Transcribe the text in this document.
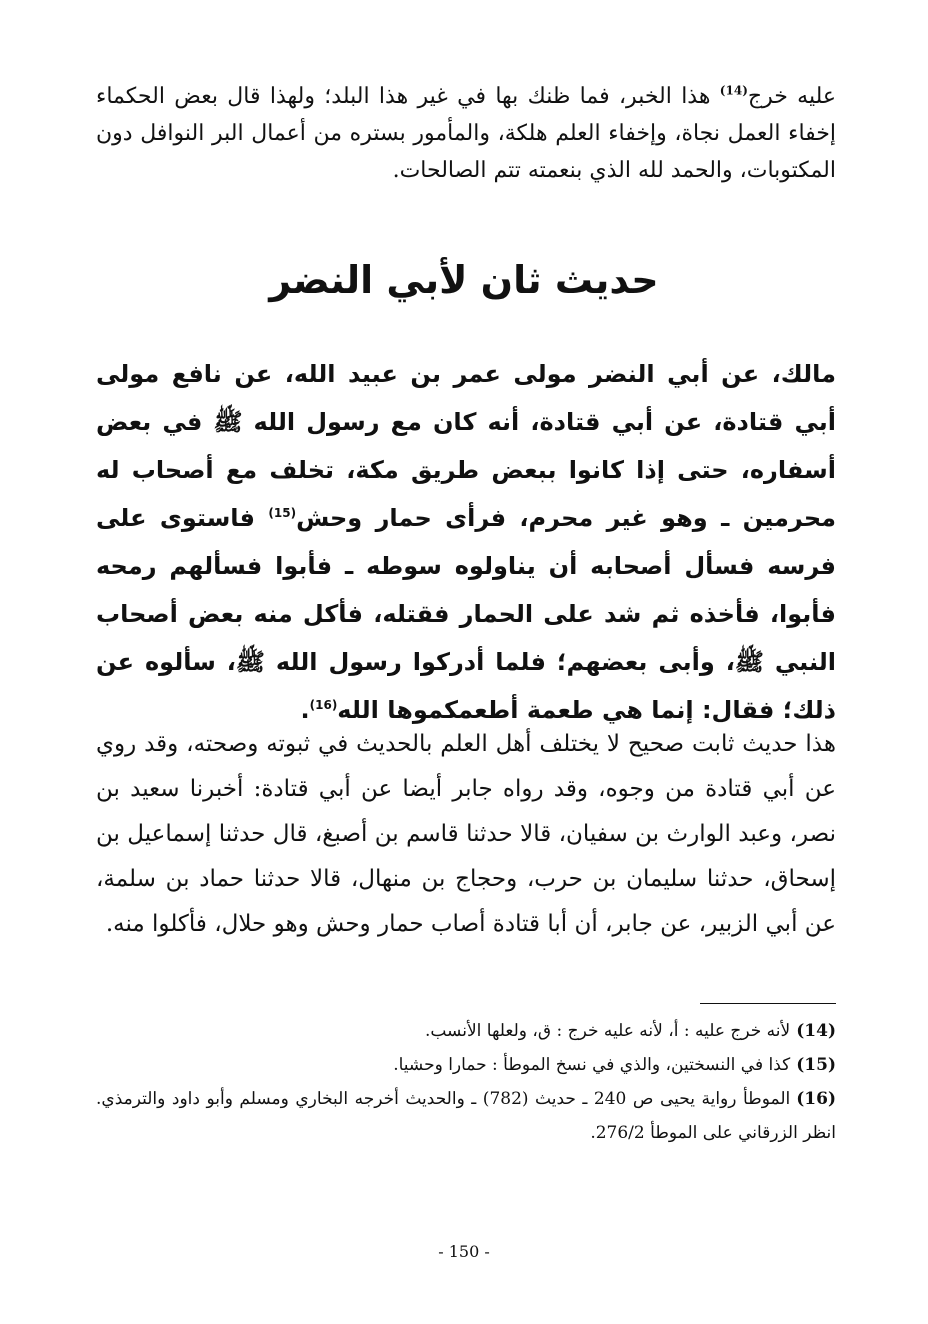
عليه خرج$^{(14)}$ هذا الخبر، فما ظنك بها في غير هذا البلد؛ ولهذا قال بعض الحكماء إخفاء العمل نجاة، وإخفاء العلم هلكة، والمأمور بستره من أعمال البر النوافل دون المكتوبات، والحمد لله الذي بنعمته تتم الصالحات.

حديث ثان لأبي النضر

مالك، عن أبي النضر مولى عمر بن عبيد الله، عن نافع مولى أبي قتادة، عن أبي قتادة، أنه كان مع رسول الله ﷺ في بعض أسفاره، حتى إذا كانوا ببعض طريق مكة، تخلف مع أصحاب له محرمين ـ وهو غير محرم، فرأى حمار وحش$^{(15)}$ فاستوى على فرسه فسأل أصحابه أن يناولوه سوطه ـ فأبوا فسألهم رمحه فأبوا، فأخذه ثم شد على الحمار فقتله، فأكل منه بعض أصحاب النبي ﷺ، وأبى بعضهم؛ فلما أدركوا رسول الله ﷺ، سألوه عن ذلك؛ فقال: إنما هي طعمة أطعمكموها الله$^{(16)}$.

هذا حديث ثابت صحيح لا يختلف أهل العلم بالحديث في ثبوته وصحته، وقد روي عن أبي قتادة من وجوه، وقد رواه جابر أيضا عن أبي قتادة: أخبرنا سعيد بن نصر، وعبد الوارث بن سفيان، قالا حدثنا قاسم بن أصبغ، قال حدثنا إسماعيل بن إسحاق، حدثنا سليمان بن حرب، وحجاج بن منهال، قالا حدثنا حماد بن سلمة، عن أبي الزبير، عن جابر، أن أبا قتادة أصاب حمار وحش وهو حلال، فأكلوا منه.

(14)لأنه خرج عليه : أ، لأنه عليه خرج : ق، ولعلها الأنسب.
(15)كذا في النسختين، والذي في نسخ الموطأ : حمارا وحشيا.
(16)الموطأ رواية يحيى ص 240 ـ حديث (782) ـ والحديث أخرجه البخاري ومسلم وأبو داود والترمذي. انظر الزرقاني على الموطأ 276/2.

- 150 -
